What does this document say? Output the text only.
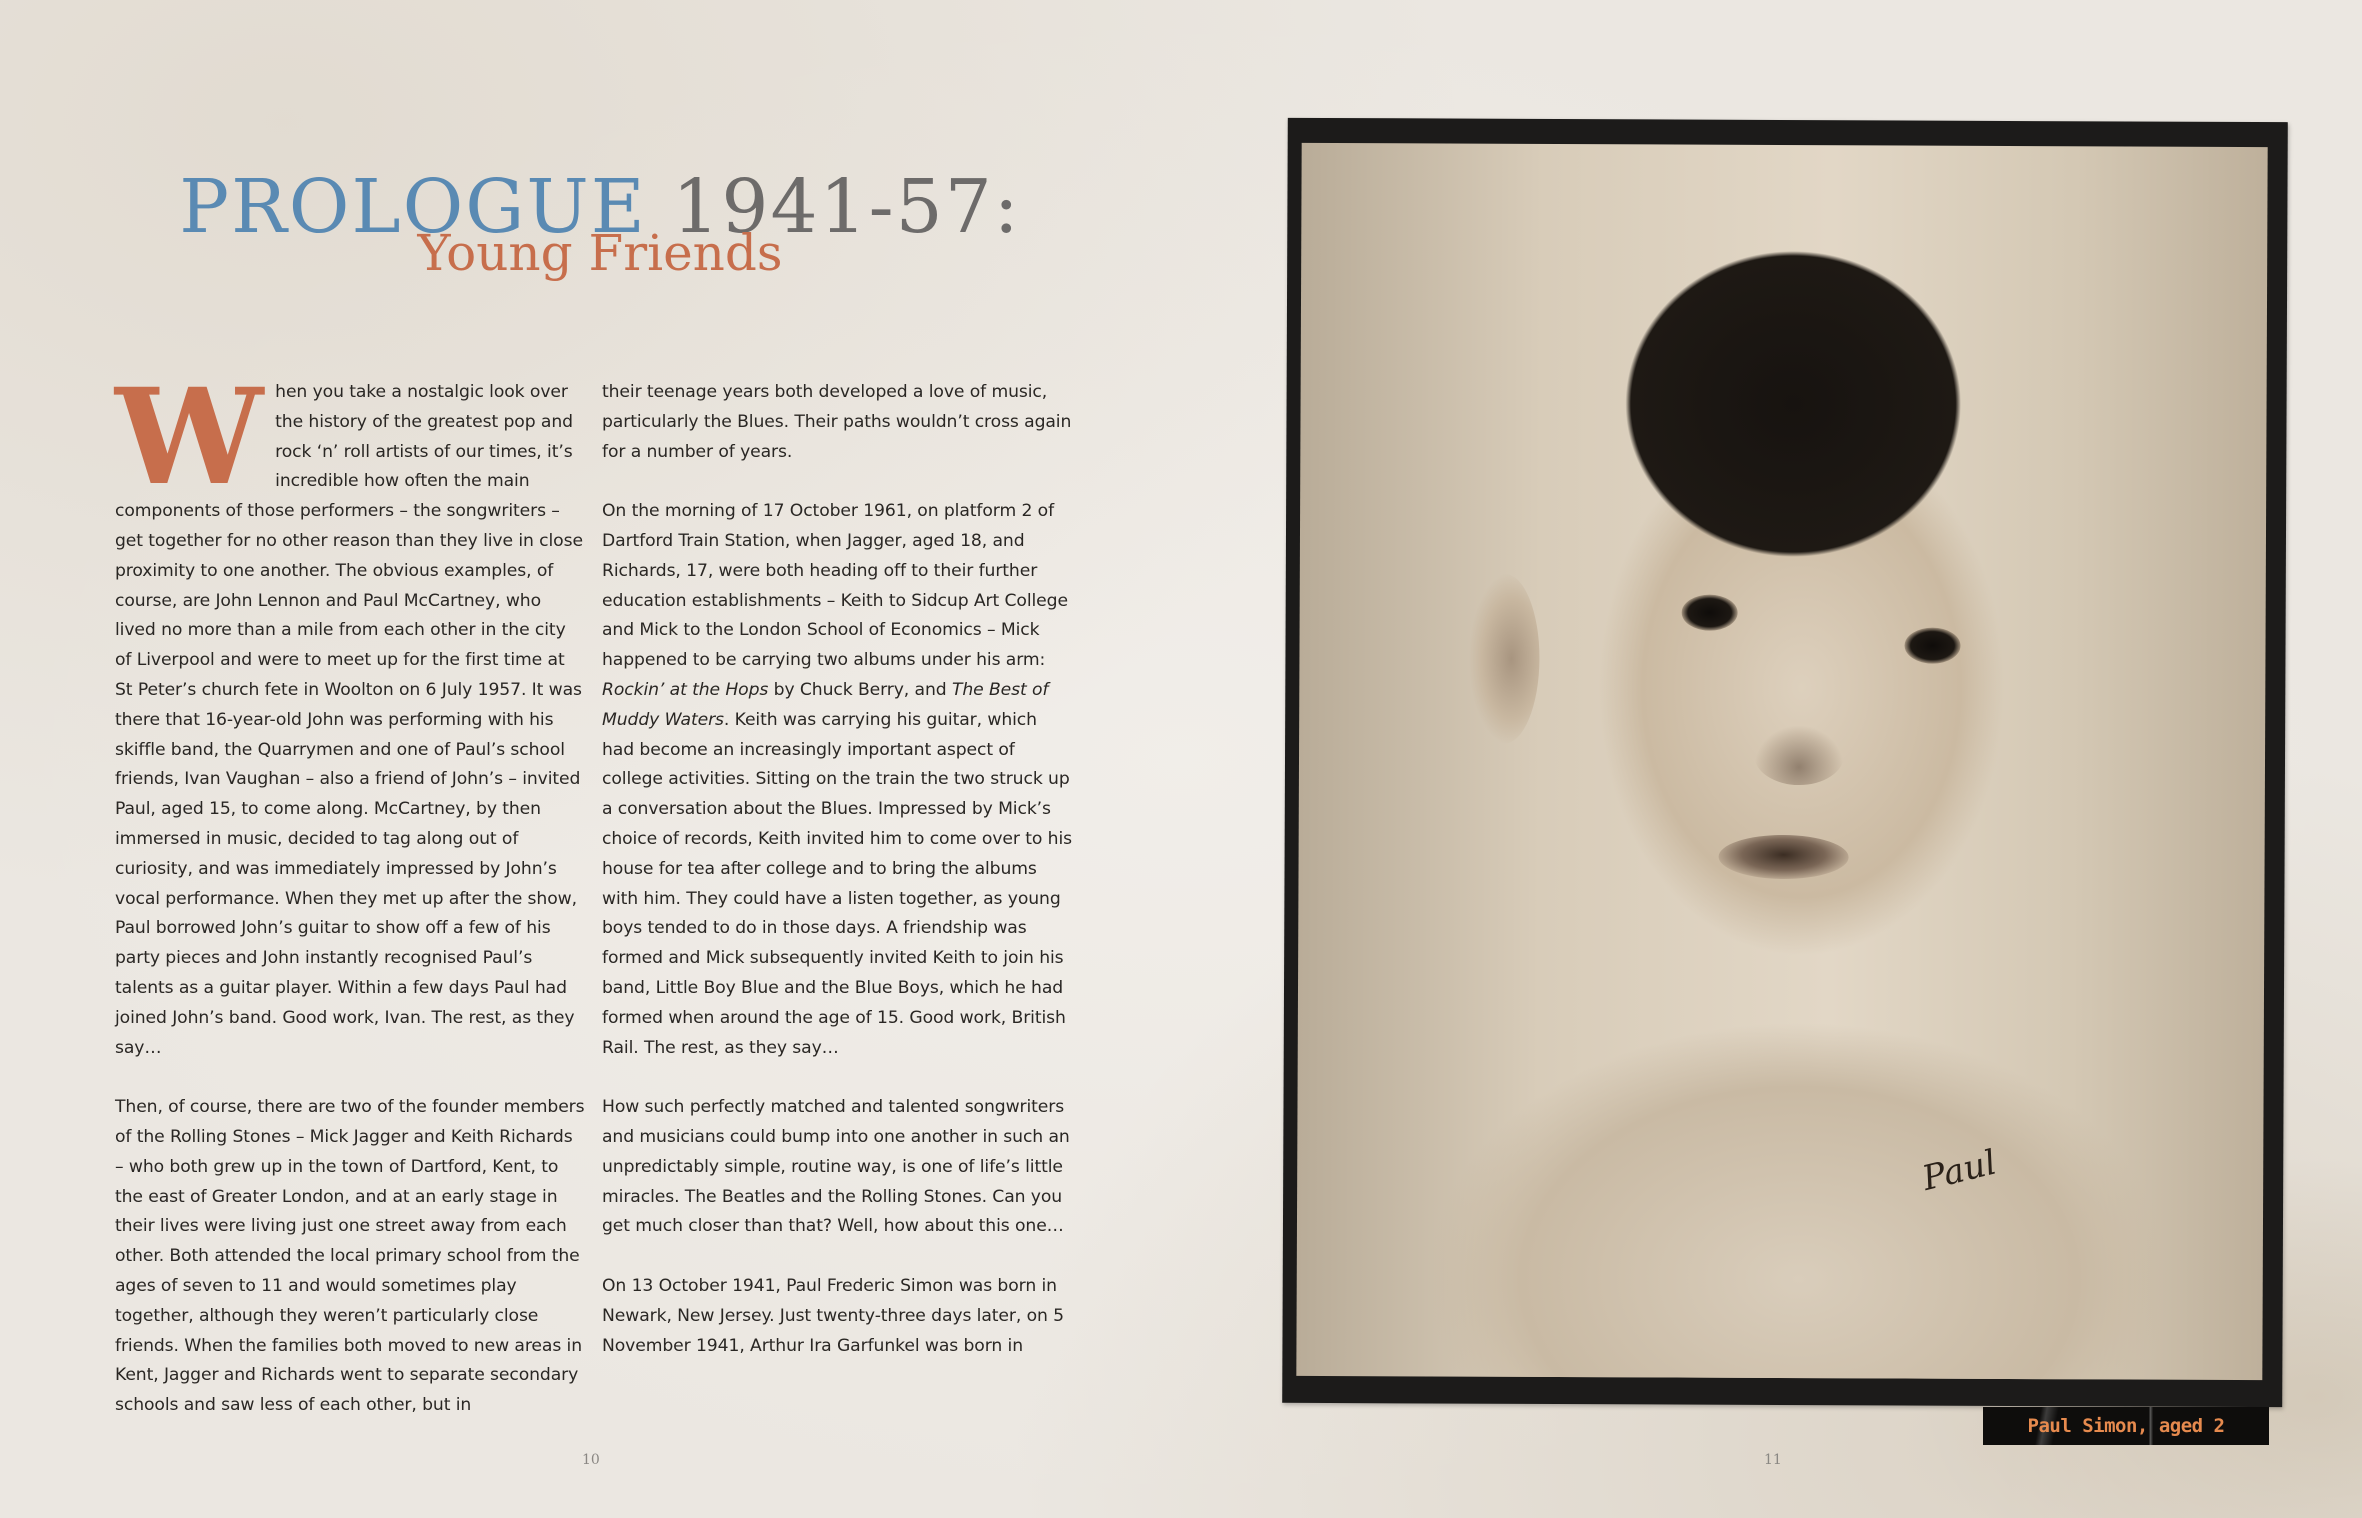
PROLOGUE 1941-57:
Young Friends

When you take a nostalgic look over the history of the greatest pop and rock ‘n’ roll artists of our times, it’s incredible how often the main components of those performers – the songwriters – get together for no other reason than they live in close proximity to one another. The obvious examples, of course, are John Lennon and Paul McCartney, who lived no more than a mile from each other in the city of Liverpool and were to meet up for the first time at St Peter’s church fete in Woolton on 6 July 1957. It was there that 16-year-old John was performing with his skiffle band, the Quarrymen and one of Paul’s school friends, Ivan Vaughan – also a friend of John’s – invited Paul, aged 15, to come along. McCartney, by then immersed in music, decided to tag along out of curiosity, and was immediately impressed by John’s vocal performance. When they met up after the show, Paul borrowed John’s guitar to show off a few of his party pieces and John instantly recognised Paul’s talents as a guitar player. Within a few days Paul had joined John’s band. Good work, Ivan. The rest, as they say…

Then, of course, there are two of the founder members of the Rolling Stones – Mick Jagger and Keith Richards – who both grew up in the town of Dartford, Kent, to the east of Greater London, and at an early stage in their lives were living just one street away from each other. Both attended the local primary school from the ages of seven to 11 and would sometimes play together, although they weren’t particularly close friends. When the families both moved to new areas in Kent, Jagger and Richards went to separate secondary schools and saw less of each other, but in

their teenage years both developed a love of music, particularly the Blues. Their paths wouldn’t cross again for a number of years.

On the morning of 17 October 1961, on platform 2 of Dartford Train Station, when Jagger, aged 18, and Richards, 17, were both heading off to their further education establishments – Keith to Sidcup Art College and Mick to the London School of Economics – Mick happened to be carrying two albums under his arm: Rockin’ at the Hops by Chuck Berry, and The Best of Muddy Waters. Keith was carrying his guitar, which had become an increasingly important aspect of college activities. Sitting on the train the two struck up a conversation about the Blues. Impressed by Mick’s choice of records, Keith invited him to come over to his house for tea after college and to bring the albums with him. They could have a listen together, as young boys tended to do in those days. A friendship was formed and Mick subsequently invited Keith to join his band, Little Boy Blue and the Blue Boys, which he had formed when around the age of 15. Good work, British Rail. The rest, as they say…

How such perfectly matched and talented songwriters and musicians could bump into one another in such an unpredictably simple, routine way, is one of life’s little miracles. The Beatles and the Rolling Stones. Can you get much closer than that? Well, how about this one…

On 13 October 1941, Paul Frederic Simon was born in Newark, New Jersey. Just twenty-three days later, on 5 November 1941, Arthur Ira Garfunkel was born in

10
Paul
Paul Simon, aged 2
11
